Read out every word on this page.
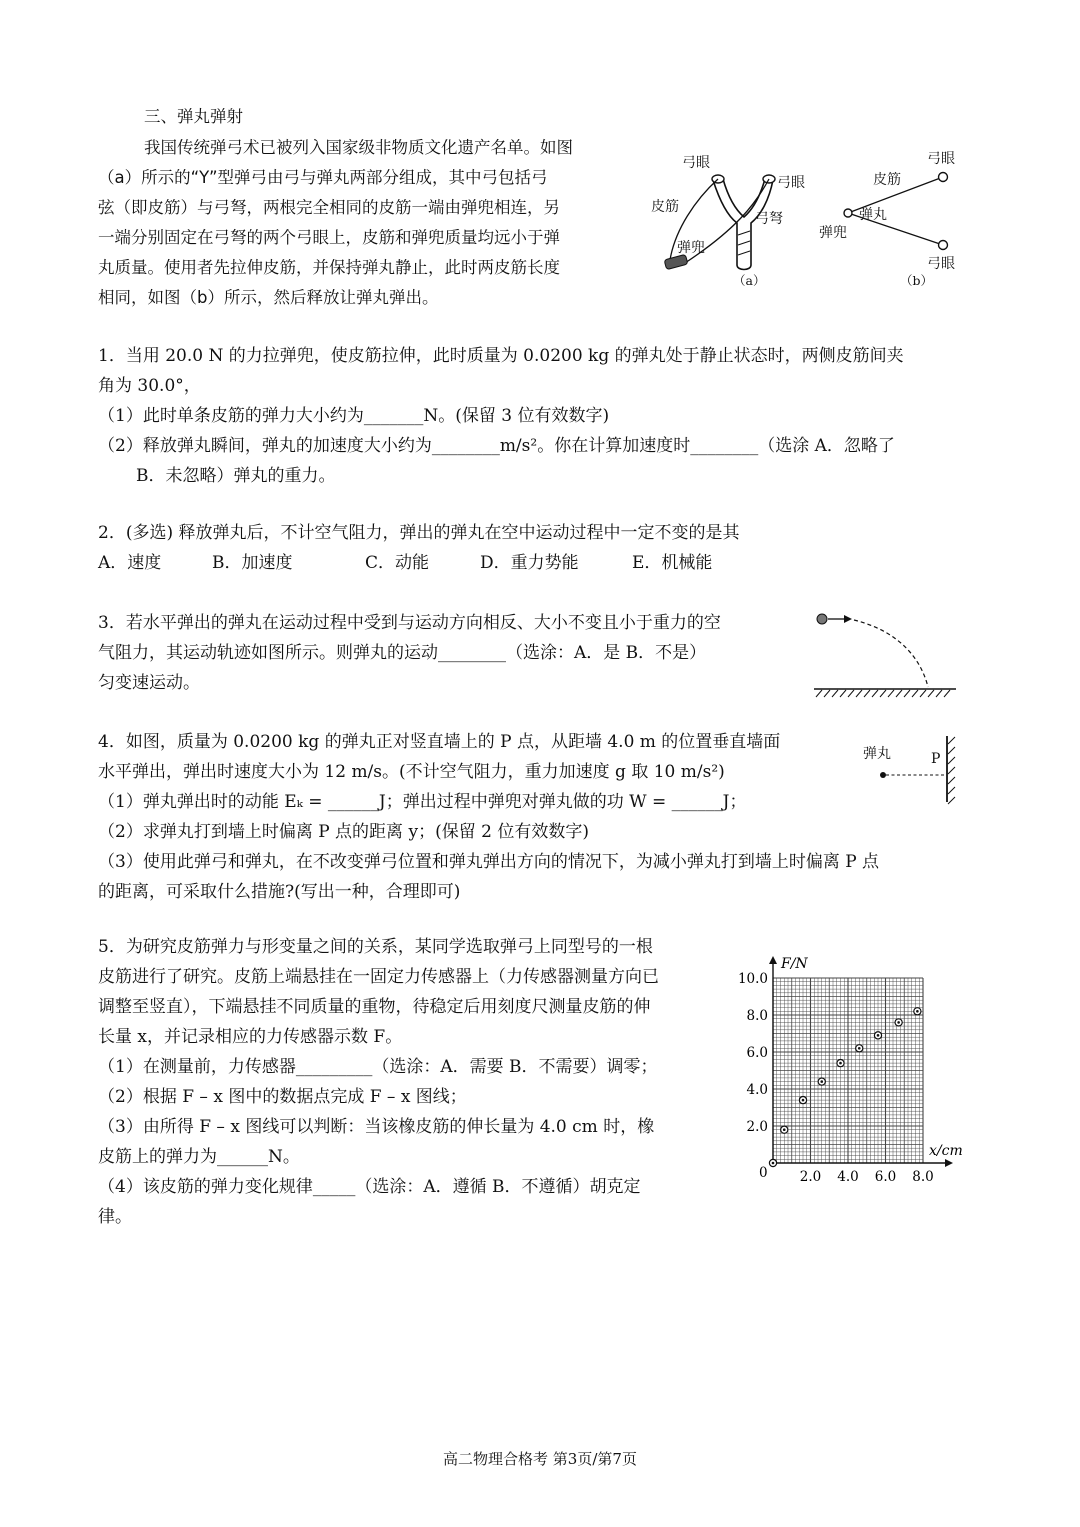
三、弹丸弹射
我国传统弹弓术已被列入国家级非物质文化遗产名单。如图
（a）所示的“Y”型弹弓由弓与弹丸两部分组成，其中弓包括弓
弦（即皮筋）与弓弩，两根完全相同的皮筋一端由弹兜相连，另
一端分别固定在弓弩的两个弓眼上，皮筋和弹兜质量均远小于弹
丸质量。使用者先拉伸皮筋，并保持弹丸静止，此时两皮筋长度
相同，如图（b）所示，然后释放让弹丸弹出。
弓眼
弓眼
皮筋
弓弩
弹兜
（a）
弓眼
皮筋
弹丸
弹兜
弓眼
（b）
1．当用 20.0 N 的力拉弹兜，使皮筋拉伸，此时质量为 0.0200 kg 的弹丸处于静止状态时，两侧皮筋间夹
角为 30.0°，
（1）此时单条皮筋的弹力大小约为_______N。(保留 3 位有效数字)
（2）释放弹丸瞬间，弹丸的加速度大小约为________m/s²。你在计算加速度时________（选涂 A．忽略了
B．未忽略）弹丸的重力。
2．(多选) 释放弹丸后，不计空气阻力，弹出的弹丸在空中运动过程中一定不变的是其
A．速度	B．加速度	C．动能	D．重力势能	E．机械能
3．若水平弹出的弹丸在运动过程中受到与运动方向相反、大小不变且小于重力的空
气阻力，其运动轨迹如图所示。则弹丸的运动________（选涂：A．是 B．不是）
匀变速运动。
4．如图，质量为 0.0200 kg 的弹丸正对竖直墙上的 P 点，从距墙 4.0 m 的位置垂直墙面
水平弹出，弹出时速度大小为 12 m/s。(不计空气阻力，重力加速度 g 取 10 m/s²)
（1）弹丸弹出时的动能 Eₖ = ______J；弹出过程中弹兜对弹丸做的功 W = ______J；
（2）求弹丸打到墙上时偏离 P 点的距离 y；(保留 2 位有效数字)
（3）使用此弹弓和弹丸，在不改变弹弓位置和弹丸弹出方向的情况下，为减小弹丸打到墙上时偏离 P 点
的距离，可采取什么措施?(写出一种，合理即可)
弹丸	P
5．为研究皮筋弹力与形变量之间的关系，某同学选取弹弓上同型号的一根
皮筋进行了研究。皮筋上端悬挂在一固定力传感器上（力传感器测量方向已
调整至竖直），下端悬挂不同质量的重物，待稳定后用刻度尺测量皮筋的伸
长量 x，并记录相应的力传感器示数 F。
（1）在测量前，力传感器_________（选涂：A．需要 B．不需要）调零；
（2）根据 F – x 图中的数据点完成 F – x 图线；
（3）由所得 F – x 图线可以判断：当该橡皮筋的伸长量为 4.0 cm 时，橡
皮筋上的弹力为______N。
（4）该皮筋的弹力变化规律_____（选涂：A．遵循 B．不遵循）胡克定
律。
F/N
x/cm
2.0 4.0 6.0 8.0
2.0
4.0
6.0
8.0
10.0
0
高二物理合格考 第3页/第7页
